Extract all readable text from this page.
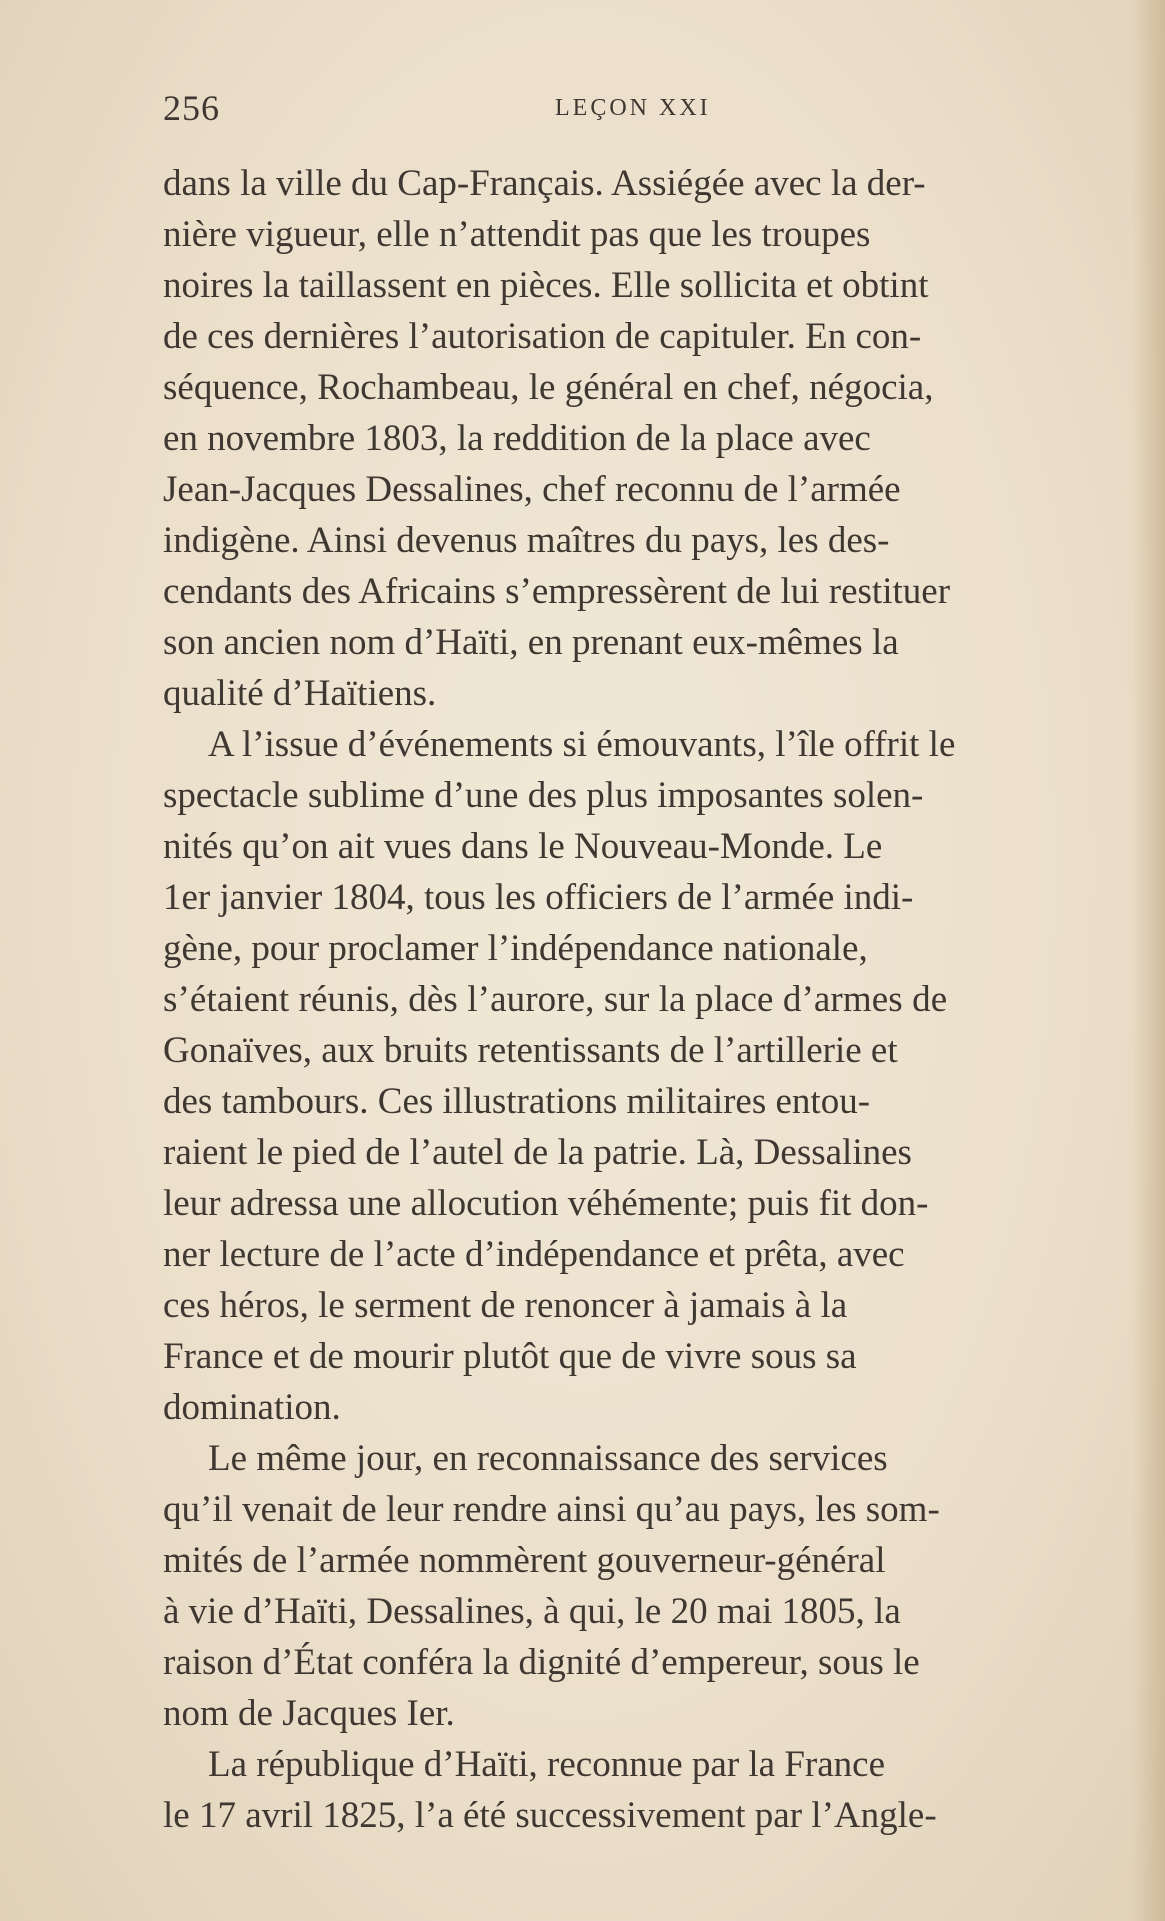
256	LEÇON XXI
dans la ville du Cap-Français. Assiégée avec la der-
nière vigueur, elle n’attendit pas que les troupes
noires la taillassent en pièces. Elle sollicita et obtint
de ces dernières l’autorisation de capituler. En con-
séquence, Rochambeau, le général en chef, négocia,
en novembre 1803, la reddition de la place avec
Jean-Jacques Dessalines, chef reconnu de l’armée
indigène. Ainsi devenus maîtres du pays, les des-
cendants des Africains s’empressèrent de lui restituer
son ancien nom d’Haïti, en prenant eux-mêmes la
qualité d’Haïtiens.
A l’issue d’événements si émouvants, l’île offrit le
spectacle sublime d’une des plus imposantes solen-
nités qu’on ait vues dans le Nouveau-Monde. Le
1er janvier 1804, tous les officiers de l’armée indi-
gène, pour proclamer l’indépendance nationale,
s’étaient réunis, dès l’aurore, sur la place d’armes de
Gonaïves, aux bruits retentissants de l’artillerie et
des tambours. Ces illustrations militaires entou-
raient le pied de l’autel de la patrie. Là, Dessalines
leur adressa une allocution véhémente; puis fit don-
ner lecture de l’acte d’indépendance et prêta, avec
ces héros, le serment de renoncer à jamais à la
France et de mourir plutôt que de vivre sous sa
domination.
Le même jour, en reconnaissance des services
qu’il venait de leur rendre ainsi qu’au pays, les som-
mités de l’armée nommèrent gouverneur-général
à vie d’Haïti, Dessalines, à qui, le 20 mai 1805, la
raison d’État conféra la dignité d’empereur, sous le
nom de Jacques Ier.
La république d’Haïti, reconnue par la France
le 17 avril 1825, l’a été successivement par l’Angle-
